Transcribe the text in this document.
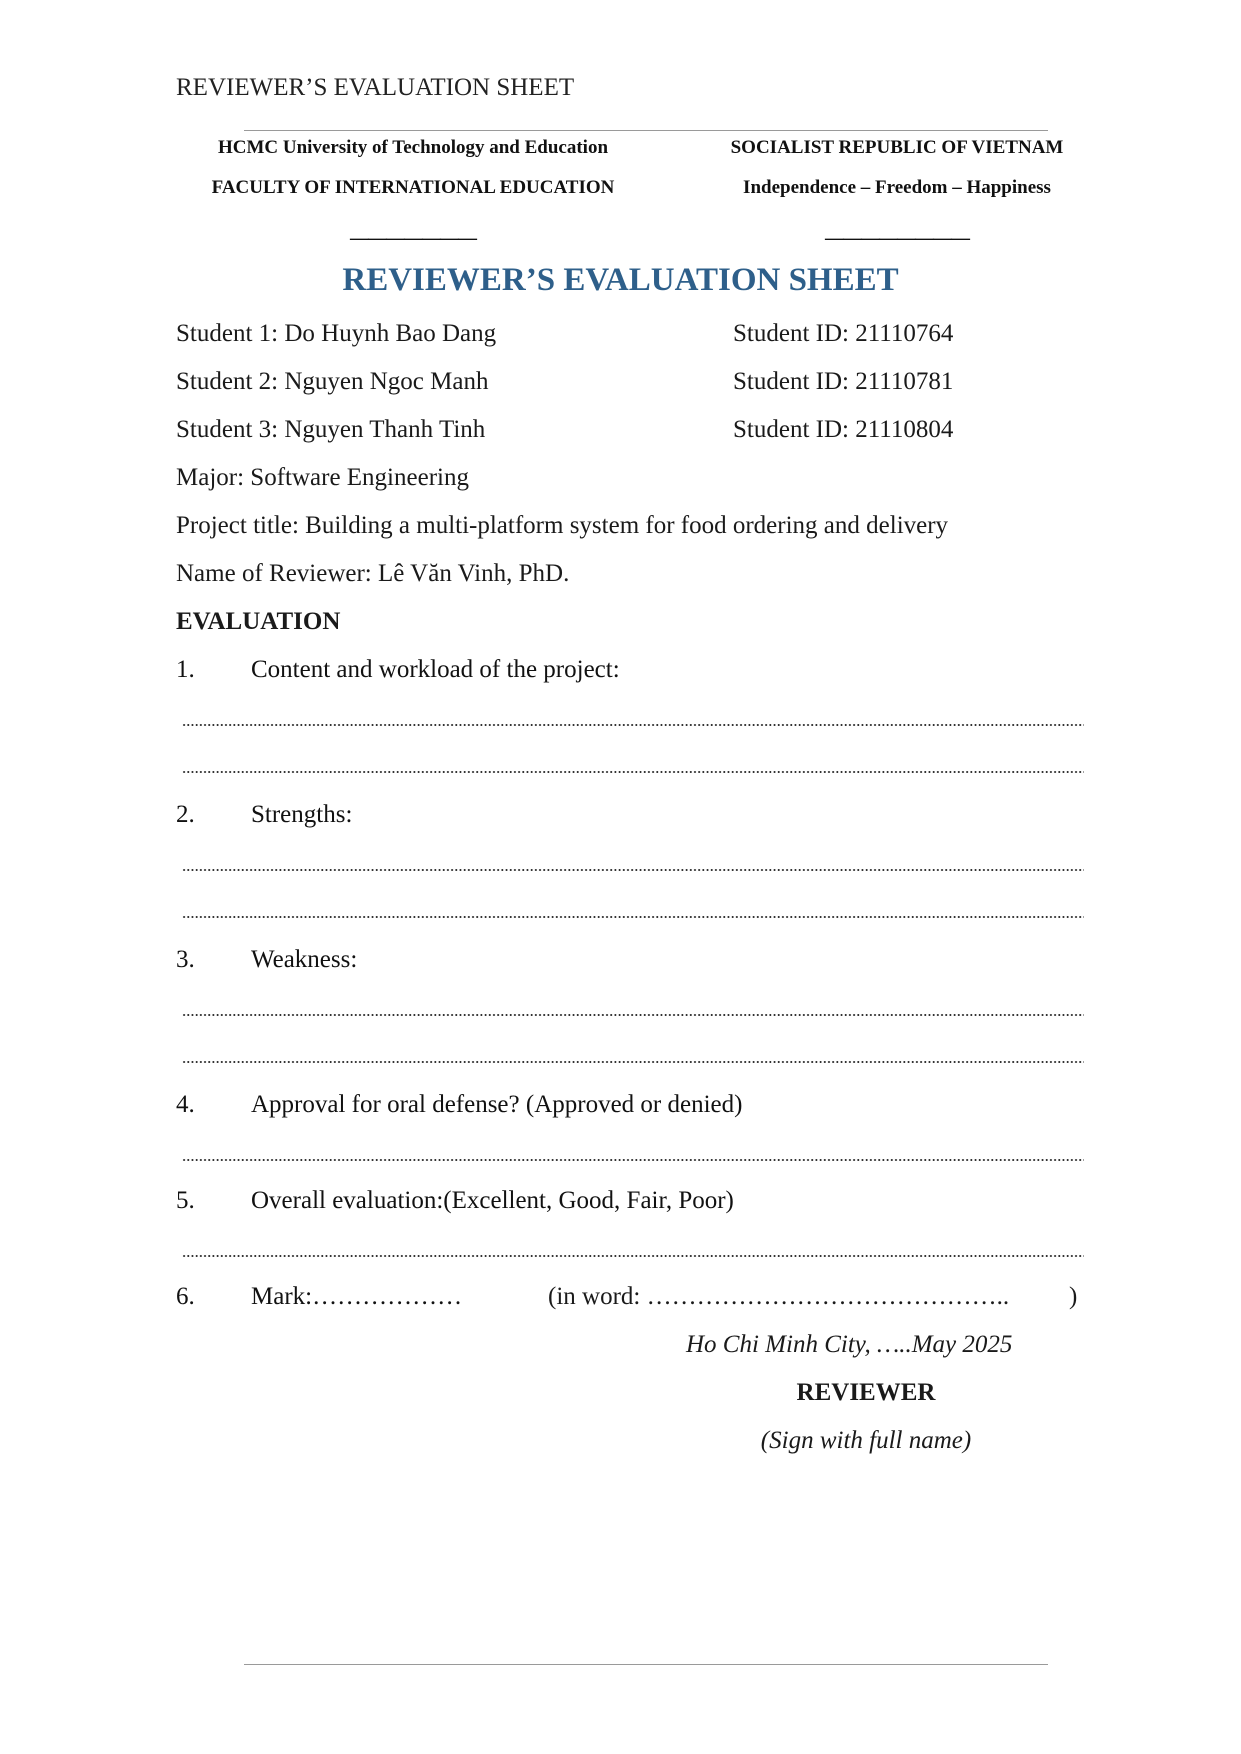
REVIEWER’S EVALUATION SHEET
HCMC University of Technology and Education
FACULTY OF INTERNATIONAL EDUCATION
———————
SOCIALIST REPUBLIC OF VIETNAM
Independence – Freedom – Happiness
————————
REVIEWER’S EVALUATION SHEET
Student 1: Do Huynh Bao Dang	Student ID: 21110764
Student 2: Nguyen Ngoc Manh	Student ID: 21110781
Student 3: Nguyen Thanh Tinh	Student ID: 21110804
Major: Software Engineering
Project title: Building a multi-platform system for food ordering and delivery
Name of Reviewer: Lê Văn Vinh, PhD.
EVALUATION
1. Content and workload of the project:
2. Strengths:
3. Weakness:
4. Approval for oral defense? (Approved or denied)
5. Overall evaluation:(Excellent, Good, Fair, Poor)
6. Mark:………………	(in word: …………………………………….. )
Ho Chi Minh City, …..May 2025
REVIEWER
(Sign with full name)
